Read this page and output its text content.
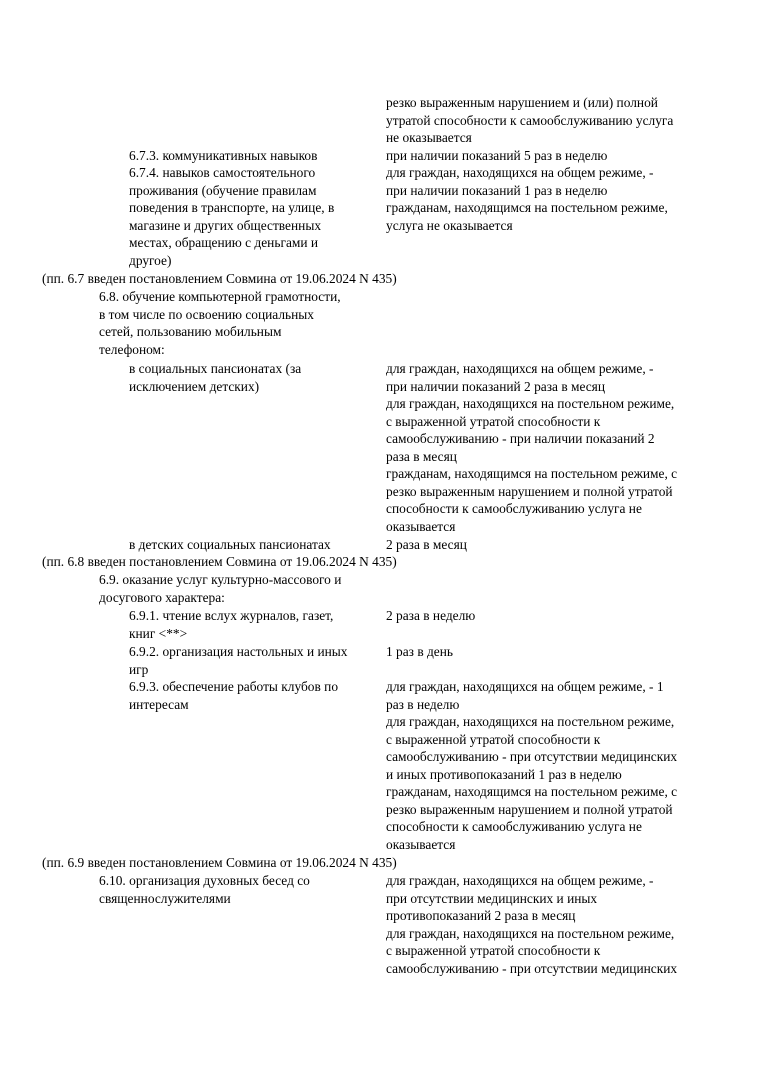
резко выраженным нарушением и (или) полной
утратой способности к самообслуживанию услуга
не оказывается
6.7.3. коммуникативных навыков	при наличии показаний 5 раз в неделю
6.7.4. навыков самостоятельного
проживания (обучение правилам
поведения в транспорте, на улице, в
магазине и других общественных
местах, обращению с деньгами и
другое)
для граждан, находящихся на общем режиме, -
при наличии показаний 1 раз в неделю
гражданам, находящимся на постельном режиме,
услуга не оказывается
(пп. 6.7 введен постановлением Совмина от 19.06.2024 N 435)
6.8. обучение компьютерной грамотности,
в том числе по освоению социальных
сетей, пользованию мобильным
телефоном:
в социальных пансионатах (за
исключением детских)
для граждан, находящихся на общем режиме, -
при наличии показаний 2 раза в месяц
для граждан, находящихся на постельном режиме,
с выраженной утратой способности к
самообслуживанию - при наличии показаний 2
раза в месяц
гражданам, находящимся на постельном режиме, с
резко выраженным нарушением и полной утратой
способности к самообслуживанию услуга не
оказывается
в детских социальных пансионатах	2 раза в месяц
(пп. 6.8 введен постановлением Совмина от 19.06.2024 N 435)
6.9. оказание услуг культурно-массового и
досугового характера:
6.9.1. чтение вслух журналов, газет,
книг <**>
2 раза в неделю
6.9.2. организация настольных и иных
игр
1 раз в день
6.9.3. обеспечение работы клубов по
интересам
для граждан, находящихся на общем режиме, - 1
раз в неделю
для граждан, находящихся на постельном режиме,
с выраженной утратой способности к
самообслуживанию - при отсутствии медицинских
и иных противопоказаний 1 раз в неделю
гражданам, находящимся на постельном режиме, с
резко выраженным нарушением и полной утратой
способности к самообслуживанию услуга не
оказывается
(пп. 6.9 введен постановлением Совмина от 19.06.2024 N 435)
6.10. организация духовных бесед со
священнослужителями
для граждан, находящихся на общем режиме, -
при отсутствии медицинских и иных
противопоказаний 2 раза в месяц
для граждан, находящихся на постельном режиме,
с выраженной утратой способности к
самообслуживанию - при отсутствии медицинских
